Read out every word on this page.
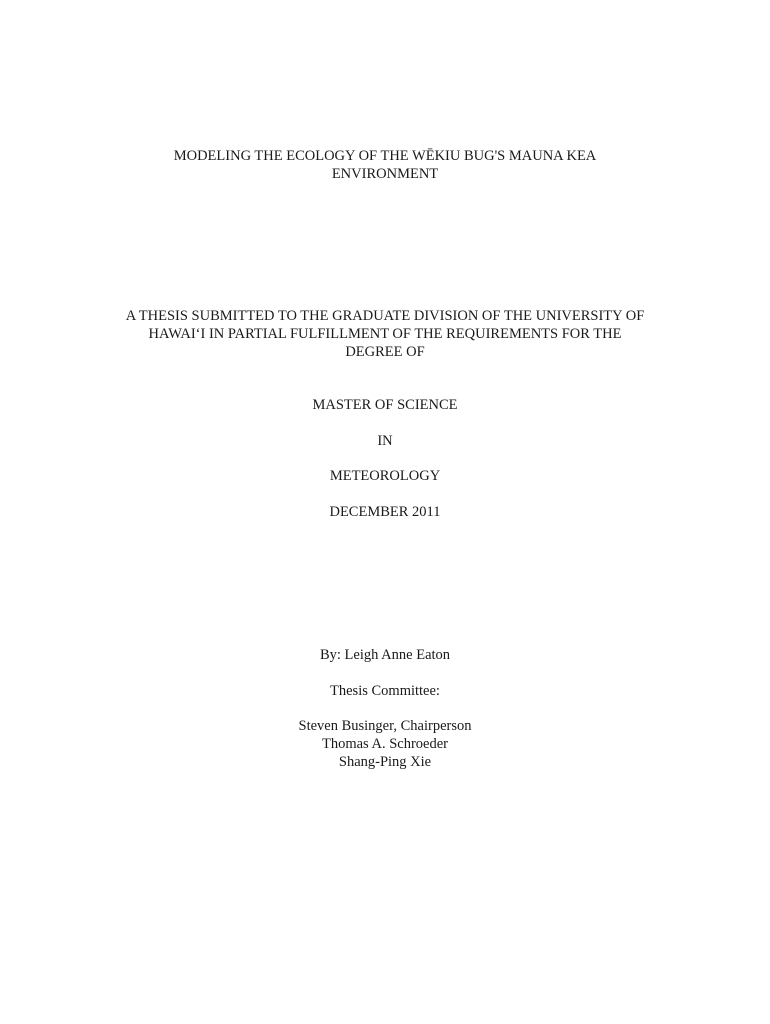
MODELING THE ECOLOGY OF THE WĒKIU BUG'S MAUNA KEA

ENVIRONMENT

A THESIS SUBMITTED TO THE GRADUATE DIVISION OF THE UNIVERSITY OF

HAWAIʻI IN PARTIAL FULFILLMENT OF THE REQUIREMENTS FOR THE

DEGREE OF

MASTER OF SCIENCE

IN

METEOROLOGY

DECEMBER 2011

By: Leigh Anne Eaton

Thesis Committee:

Steven Businger, Chairperson

Thomas A. Schroeder

Shang-Ping Xie
